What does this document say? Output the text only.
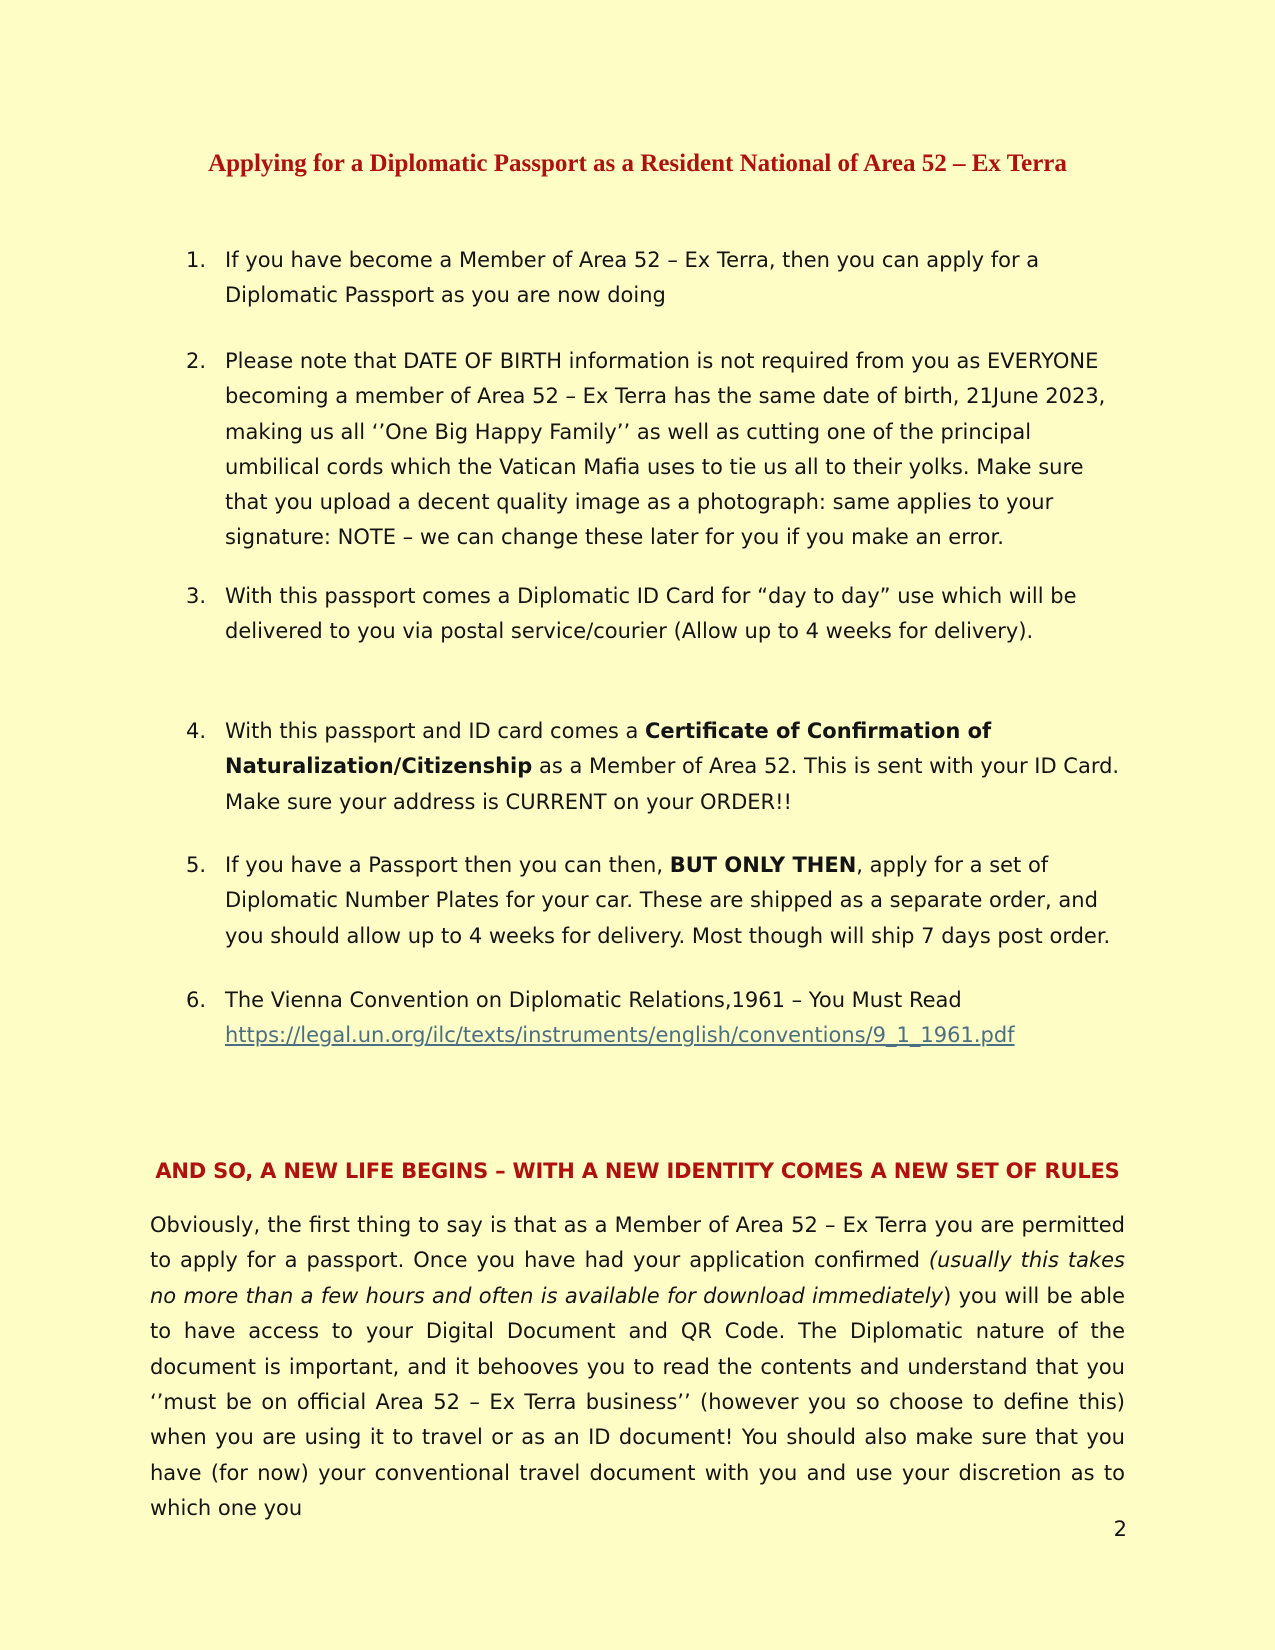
Applying for a Diplomatic Passport as a Resident National of Area 52 – Ex Terra
1. If you have become a Member of Area 52 – Ex Terra, then you can apply for a Diplomatic Passport as you are now doing
2. Please note that DATE OF BIRTH information is not required from you as EVERYONE becoming a member of Area 52 – Ex Terra has the same date of birth, 21June 2023, making us all ‘’One Big Happy Family’’ as well as cutting one of the principal umbilical cords which the Vatican Mafia uses to tie us all to their yolks. Make sure that you upload a decent quality image as a photograph: same applies to your signature: NOTE – we can change these later for you if you make an error.
3. With this passport comes a Diplomatic ID Card for “day to day” use which will be delivered to you via postal service/courier (Allow up to 4 weeks for delivery).
4. With this passport and ID card comes a Certificate of Confirmation of Naturalization/Citizenship as a Member of Area 52. This is sent with your ID Card. Make sure your address is CURRENT on your ORDER!!
5. If you have a Passport then you can then, BUT ONLY THEN, apply for a set of Diplomatic Number Plates for your car. These are shipped as a separate order, and you should allow up to 4 weeks for delivery. Most though will ship 7 days post order.
6. The Vienna Convention on Diplomatic Relations,1961 – You Must Read
https://legal.un.org/ilc/texts/instruments/english/conventions/9_1_1961.pdf
AND SO, A NEW LIFE BEGINS – WITH A NEW IDENTITY COMES A NEW SET OF RULES

Obviously, the first thing to say is that as a Member of Area 52 – Ex Terra you are permitted to apply for a passport. Once you have had your application confirmed (usually this takes no more than a few hours and often is available for download immediately) you will be able to have access to your Digital Document and QR Code. The Diplomatic nature of the document is important, and it behooves you to read the contents and understand that you ‘’must be on official Area 52 – Ex Terra business’’ (however you so choose to define this) when you are using it to travel or as an ID document! You should also make sure that you have (for now) your conventional travel document with you and use your discretion as to which one you

2
